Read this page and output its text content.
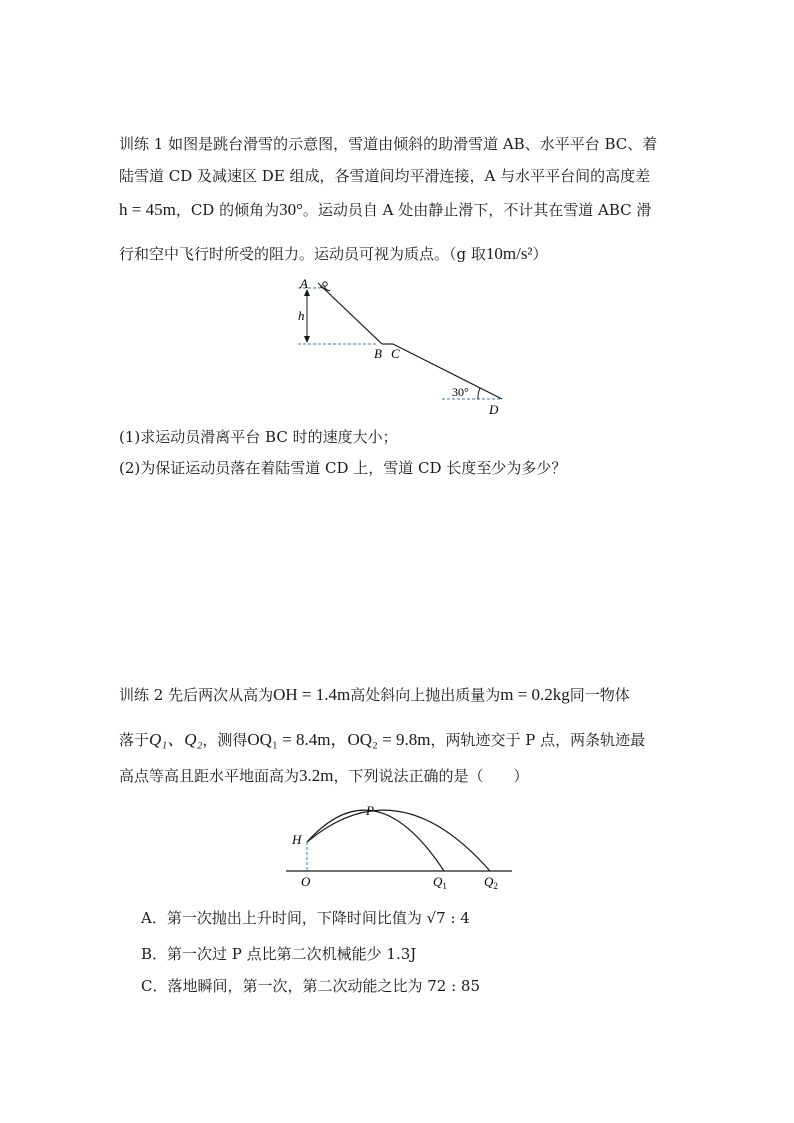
训练 1 如图是跳台滑雪的示意图，雪道由倾斜的助滑雪道 AB、水平平台 BC、着
陆雪道 CD 及减速区 DE 组成，各雪道间均平滑连接，A 与水平平台间的高度差
h = 45m，CD 的倾角为30°。运动员自 A 处由静止滑下，不计其在雪道 ABC 滑
行和空中飞行时所受的阻力。运动员可视为质点。（g 取10m/s²）
A
h
B C
30°
D
(1)求运动员滑离平台 BC 时的速度大小；
(2)为保证运动员落在着陆雪道 CD 上，雪道 CD 长度至少为多少？
训练 2 先后两次从高为OH = 1.4m高处斜向上抛出质量为m = 0.2kg同一物体
落于Q₁、Q₂，测得OQ₁ = 8.4m，OQ₂ = 9.8m，两轨迹交于 P 点，两条轨迹最
高点等高且距水平地面高为3.2m，下列说法正确的是（　　）
P
H
O	$Q_1$	$Q_2$
A．第一次抛出上升时间，下降时间比值为 √7 : 4
B．第一次过 P 点比第二次机械能少 1.3J
C．落地瞬间，第一次，第二次动能之比为 72 : 85
